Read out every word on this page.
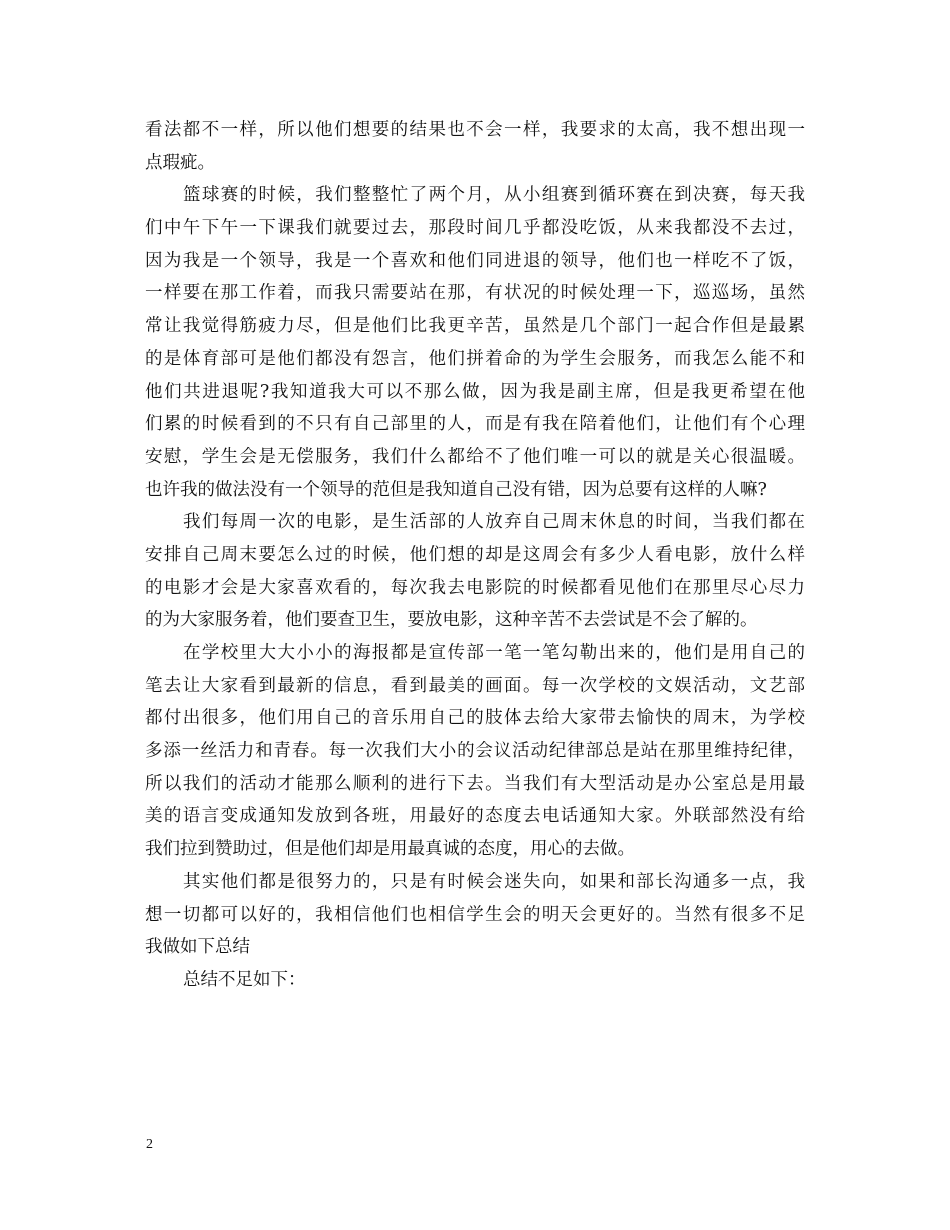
看法都不一样，所以他们想要的结果也不会一样，我要求的太高，我不想出现一
点瑕疵。
篮球赛的时候，我们整整忙了两个月，从小组赛到循环赛在到决赛，每天我
们中午下午一下课我们就要过去，那段时间几乎都没吃饭，从来我都没不去过，
因为我是一个领导，我是一个喜欢和他们同进退的领导，他们也一样吃不了饭，
一样要在那工作着，而我只需要站在那，有状况的时候处理一下，巡巡场，虽然
常让我觉得筋疲力尽，但是他们比我更辛苦，虽然是几个部门一起合作但是最累
的是体育部可是他们都没有怨言，他们拼着命的为学生会服务，而我怎么能不和
他们共进退呢?我知道我大可以不那么做，因为我是副主席，但是我更希望在他
们累的时候看到的不只有自己部里的人，而是有我在陪着他们，让他们有个心理
安慰，学生会是无偿服务，我们什么都给不了他们唯一可以的就是关心很温暖。
也许我的做法没有一个领导的范但是我知道自己没有错，因为总要有这样的人嘛?
我们每周一次的电影，是生活部的人放弃自己周末休息的时间，当我们都在
安排自己周末要怎么过的时候，他们想的却是这周会有多少人看电影，放什么样
的电影才会是大家喜欢看的，每次我去电影院的时候都看见他们在那里尽心尽力
的为大家服务着，他们要查卫生，要放电影，这种辛苦不去尝试是不会了解的。
在学校里大大小小的海报都是宣传部一笔一笔勾勒出来的，他们是用自己的
笔去让大家看到最新的信息，看到最美的画面。每一次学校的文娱活动，文艺部
都付出很多，他们用自己的音乐用自己的肢体去给大家带去愉快的周末，为学校
多添一丝活力和青春。每一次我们大小的会议活动纪律部总是站在那里维持纪律，
所以我们的活动才能那么顺利的进行下去。当我们有大型活动是办公室总是用最
美的语言变成通知发放到各班，用最好的态度去电话通知大家。外联部然没有给
我们拉到赞助过，但是他们却是用最真诚的态度，用心的去做。
其实他们都是很努力的，只是有时候会迷失向，如果和部长沟通多一点，我
想一切都可以好的，我相信他们也相信学生会的明天会更好的。当然有很多不足
我做如下总结
总结不足如下：
2
